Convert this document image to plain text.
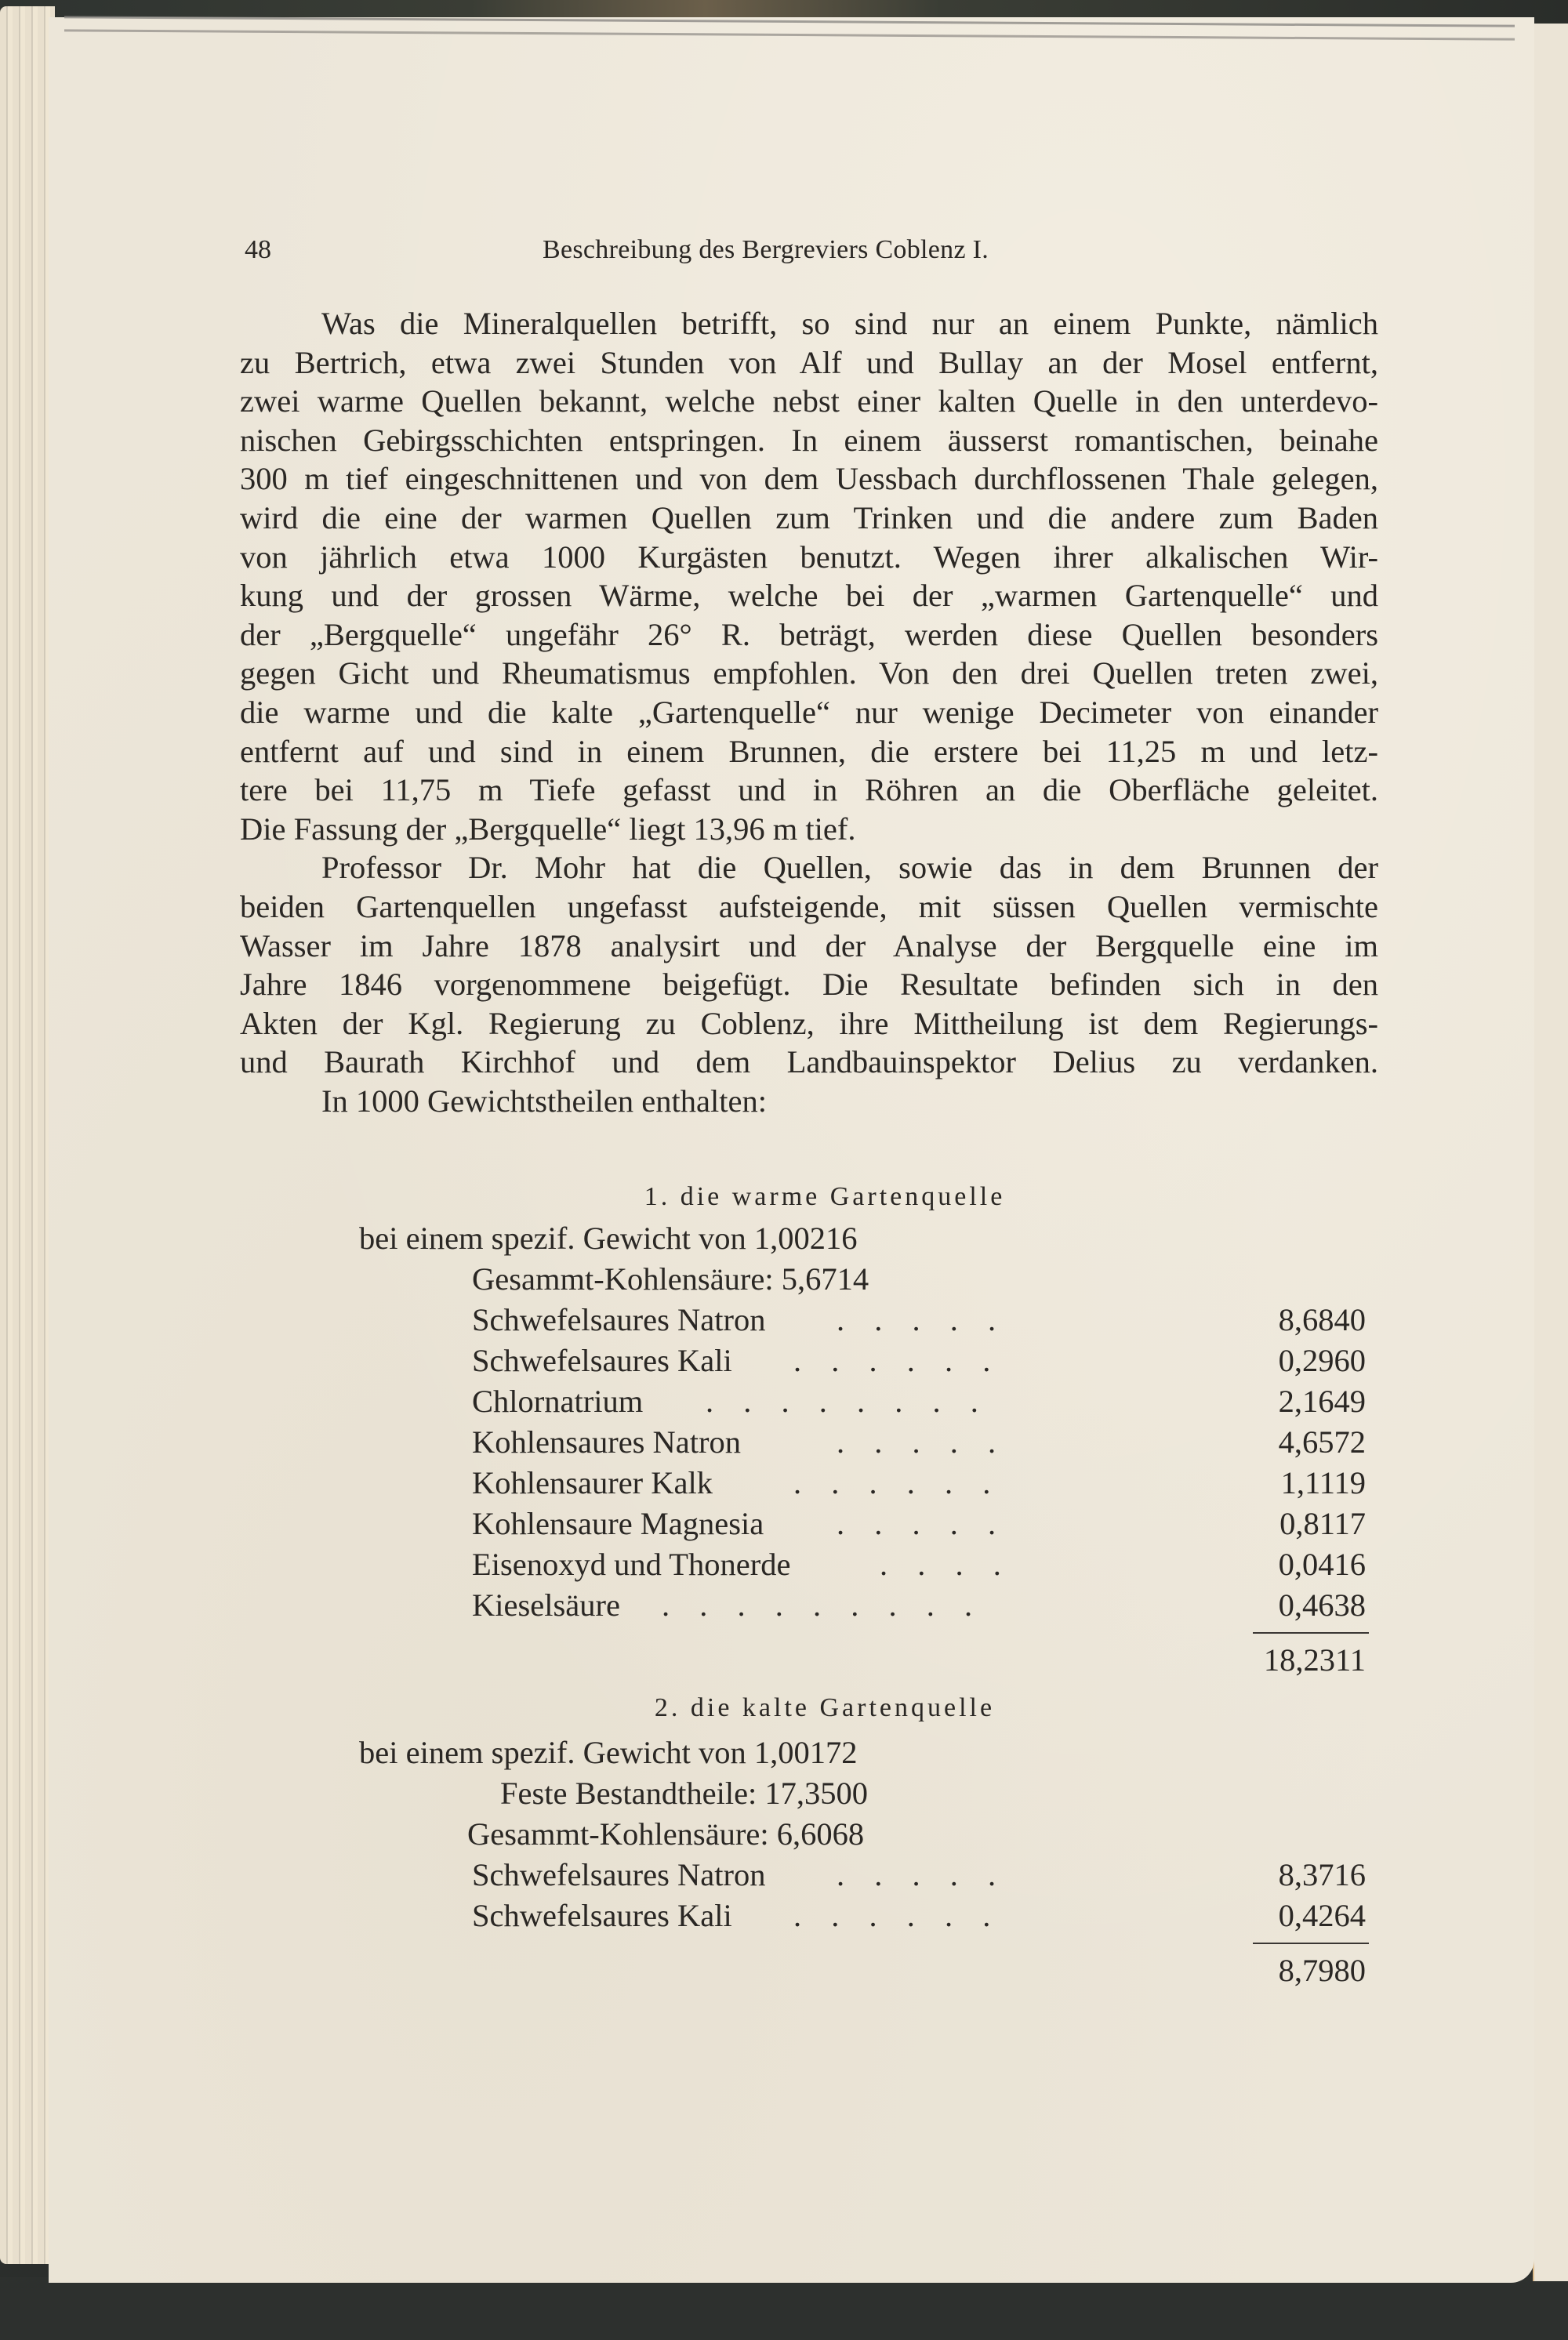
48	Beschreibung des Bergreviers Coblenz I.
Was die Mineralquellen betrifft, so sind nur an einem Punkte, nämlich
zu Bertrich, etwa zwei Stunden von Alf und Bullay an der Mosel entfernt,
zwei warme Quellen bekannt, welche nebst einer kalten Quelle in den unterdevo-
nischen Gebirgsschichten entspringen. In einem äusserst romantischen, beinahe
300 m tief eingeschnittenen und von dem Uessbach durchflossenen Thale gelegen,
wird die eine der warmen Quellen zum Trinken und die andere zum Baden
von jährlich etwa 1000 Kurgästen benutzt. Wegen ihrer alkalischen Wir-
kung und der grossen Wärme, welche bei der „warmen Gartenquelle“ und
der „Bergquelle“ ungefähr 26° R. beträgt, werden diese Quellen besonders
gegen Gicht und Rheumatismus empfohlen. Von den drei Quellen treten zwei,
die warme und die kalte „Gartenquelle“ nur wenige Decimeter von einander
entfernt auf und sind in einem Brunnen, die erstere bei 11,25 m und letz-
tere bei 11,75 m Tiefe gefasst und in Röhren an die Oberfläche geleitet.
Die Fassung der „Bergquelle“ liegt 13,96 m tief.
Professor Dr. Mohr hat die Quellen, sowie das in dem Brunnen der
beiden Gartenquellen ungefasst aufsteigende, mit süssen Quellen vermischte
Wasser im Jahre 1878 analysirt und der Analyse der Bergquelle eine im
Jahre 1846 vorgenommene beigefügt. Die Resultate befinden sich in den
Akten der Kgl. Regierung zu Coblenz, ihre Mittheilung ist dem Regierungs-
und Baurath Kirchhof und dem Landbauinspektor Delius zu verdanken.
In 1000 Gewichtstheilen enthalten:
1. die warme Gartenquelle
bei einem spezif. Gewicht von 1,00216
Gesammt-Kohlensäure: 5,6714
Schwefelsaures Natron . . . . .	8,6840
Schwefelsaures Kali . . . . . .	0,2960
Chlornatrium . . . . . . . .	2,1649
Kohlensaures Natron	. . . . .	4,6572
Kohlensaurer Kalk	. . . . . .	1,1119
Kohlensaure Magnesia . . . . .	0,8117
Eisenoxyd und Thonerde	. . . .	0,0416
Kieselsäure . . . . . . . . .	0,4638
18,2311
2. die kalte Gartenquelle
bei einem spezif. Gewicht von 1,00172
Feste Bestandtheile: 17,3500
Gesammt-Kohlensäure: 6,6068
Schwefelsaures Natron . . . . .	8,3716
Schwefelsaures Kali . . . . . .	0,4264
8,7980
